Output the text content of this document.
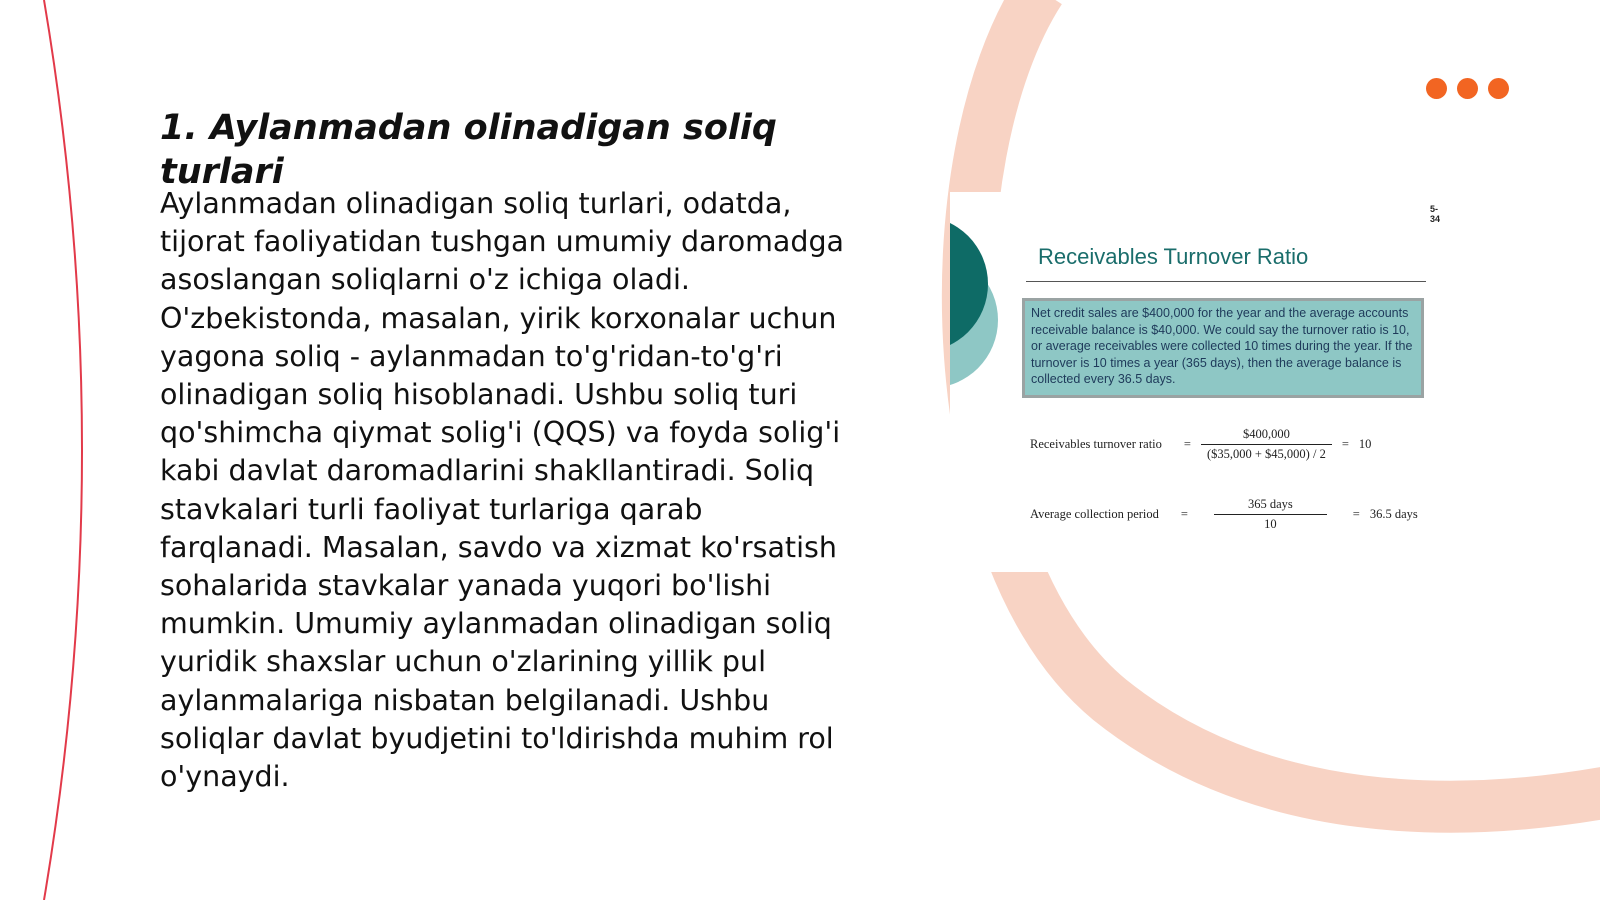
1. Aylanmadan olinadigan soliq turlari

Aylanmadan olinadigan soliq turlari, odatda, tijorat faoliyatidan tushgan umumiy daromadga asoslangan soliqlarni o'z ichiga oladi. O'zbekistonda, masalan, yirik korxonalar uchun yagona soliq - aylanmadan to'g'ridan-to'g'ri olinadigan soliq hisoblanadi. Ushbu soliq turi qo'shimcha qiymat solig'i (QQS) va foyda solig'i kabi davlat daromadlarini shakllantiradi. Soliq stavkalari turli faoliyat turlariga qarab farqlanadi. Masalan, savdo va xizmat ko'rsatish sohalarida stavkalar yanada yuqori bo'lishi mumkin. Umumiy aylanmadan olinadigan soliq yuridik shaxslar uchun o'zlarining yillik pul aylanmalariga nisbatan belgilanadi. Ushbu soliqlar davlat byudjetini to'ldirishda muhim rol o'ynaydi.

5-34
Receivables Turnover Ratio
Net credit sales are $400,000 for the year and the average accounts receivable balance is $40,000. We could say the turnover ratio is 10, or average receivables were collected 10 times during the year. If the turnover is 10 times a year (365 days), then the average balance is collected every 36.5 days.
Receivables turnover ratio = $\frac{\$400,000}{(\$35,000 + \$45,000) / 2} = 10$
Average collection period = $\frac{\text{365 days}}{10} = 36.5$ days
